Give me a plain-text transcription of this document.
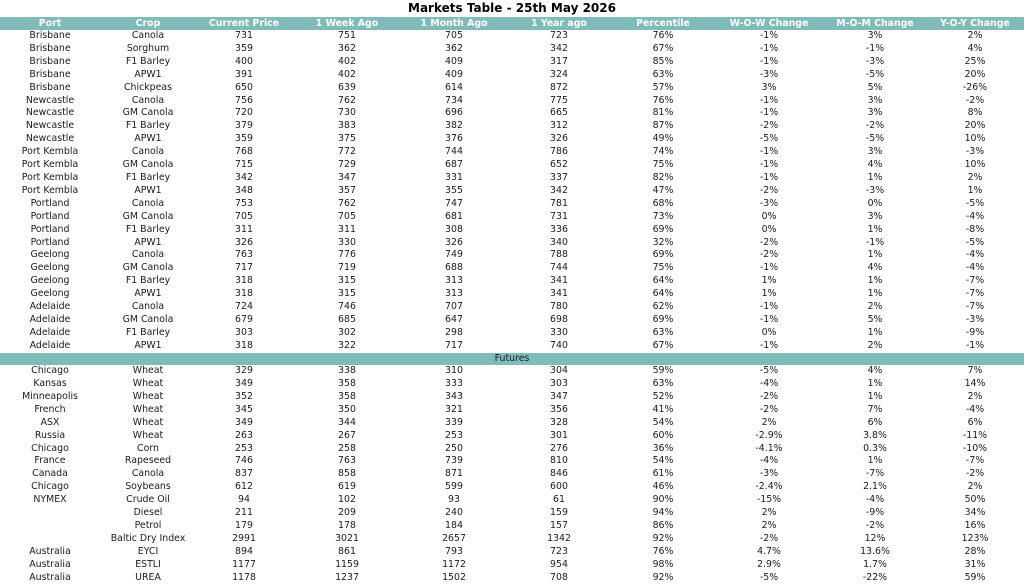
Markets Table - 25th May 2026
Port	Crop	Current Price	1 Week Ago	1 Month Ago	1 Year ago	Percentile	W-O-W Change	M-O-M Change	Y-O-Y Change
Brisbane	Canola	731	751	705	723	76%	-1%	3%	2%
Brisbane	Sorghum	359	362	362	342	67%	-1%	-1%	4%
Brisbane	F1 Barley	400	402	409	317	85%	-1%	-3%	25%
Brisbane	APW1	391	402	409	324	63%	-3%	-5%	20%
Brisbane	Chickpeas	650	639	614	872	57%	3%	5%	-26%
Newcastle	Canola	756	762	734	775	76%	-1%	3%	-2%
Newcastle	GM Canola	720	730	696	665	81%	-1%	3%	8%
Newcastle	F1 Barley	379	383	382	312	87%	-2%	-2%	20%
Newcastle	APW1	359	375	376	326	49%	-5%	-5%	10%
Port Kembla	Canola	768	772	744	786	74%	-1%	3%	-3%
Port Kembla	GM Canola	715	729	687	652	75%	-1%	4%	10%
Port Kembla	F1 Barley	342	347	331	337	82%	-1%	1%	2%
Port Kembla	APW1	348	357	355	342	47%	-2%	-3%	1%
Portland	Canola	753	762	747	781	68%	-3%	0%	-5%
Portland	GM Canola	705	705	681	731	73%	0%	3%	-4%
Portland	F1 Barley	311	311	308	336	69%	0%	1%	-8%
Portland	APW1	326	330	326	340	32%	-2%	-1%	-5%
Geelong	Canola	763	776	749	788	69%	-2%	1%	-4%
Geelong	GM Canola	717	719	688	744	75%	-1%	4%	-4%
Geelong	F1 Barley	318	315	313	341	64%	1%	1%	-7%
Geelong	APW1	318	315	313	341	64%	1%	1%	-7%
Adelaide	Canola	724	746	707	780	62%	-1%	2%	-7%
Adelaide	GM Canola	679	685	647	698	69%	-1%	5%	-3%
Adelaide	F1 Barley	303	302	298	330	63%	0%	1%	-9%
Adelaide	APW1	318	322	717	740	67%	-1%	2%	-1%
Futures									
Chicago	Wheat	329	338	310	304	59%	-5%	4%	7%
Kansas	Wheat	349	358	333	303	63%	-4%	1%	14%
Minneapolis	Wheat	352	358	343	347	52%	-2%	1%	2%
French	Wheat	345	350	321	356	41%	-2%	7%	-4%
ASX	Wheat	349	344	339	328	54%	2%	6%	6%
Russia	Wheat	263	267	253	301	60%	-2.9%	3.8%	-11%
Chicago	Corn	253	258	250	276	36%	-4.1%	0.3%	-10%
France	Rapeseed	746	763	739	810	54%	-4%	1%	-7%
Canada	Canola	837	858	871	846	61%	-3%	-7%	-2%
Chicago	Soybeans	612	619	599	600	46%	-2.4%	2.1%	2%
NYMEX	Crude Oil	94	102	93	61	90%	-15%	-4%	50%
	Diesel	211	209	240	159	94%	2%	-9%	34%
	Petrol	179	178	184	157	86%	2%	-2%	16%
	Baltic Dry Index	2991	3021	2657	1342	92%	-2%	12%	123%
Australia	EYCI	894	861	793	723	76%	4.7%	13.6%	28%
Australia	ESTLI	1177	1159	1172	954	98%	2.9%	1.7%	31%
Australia	UREA	1178	1237	1502	708	92%	-5%	-22%	59%
